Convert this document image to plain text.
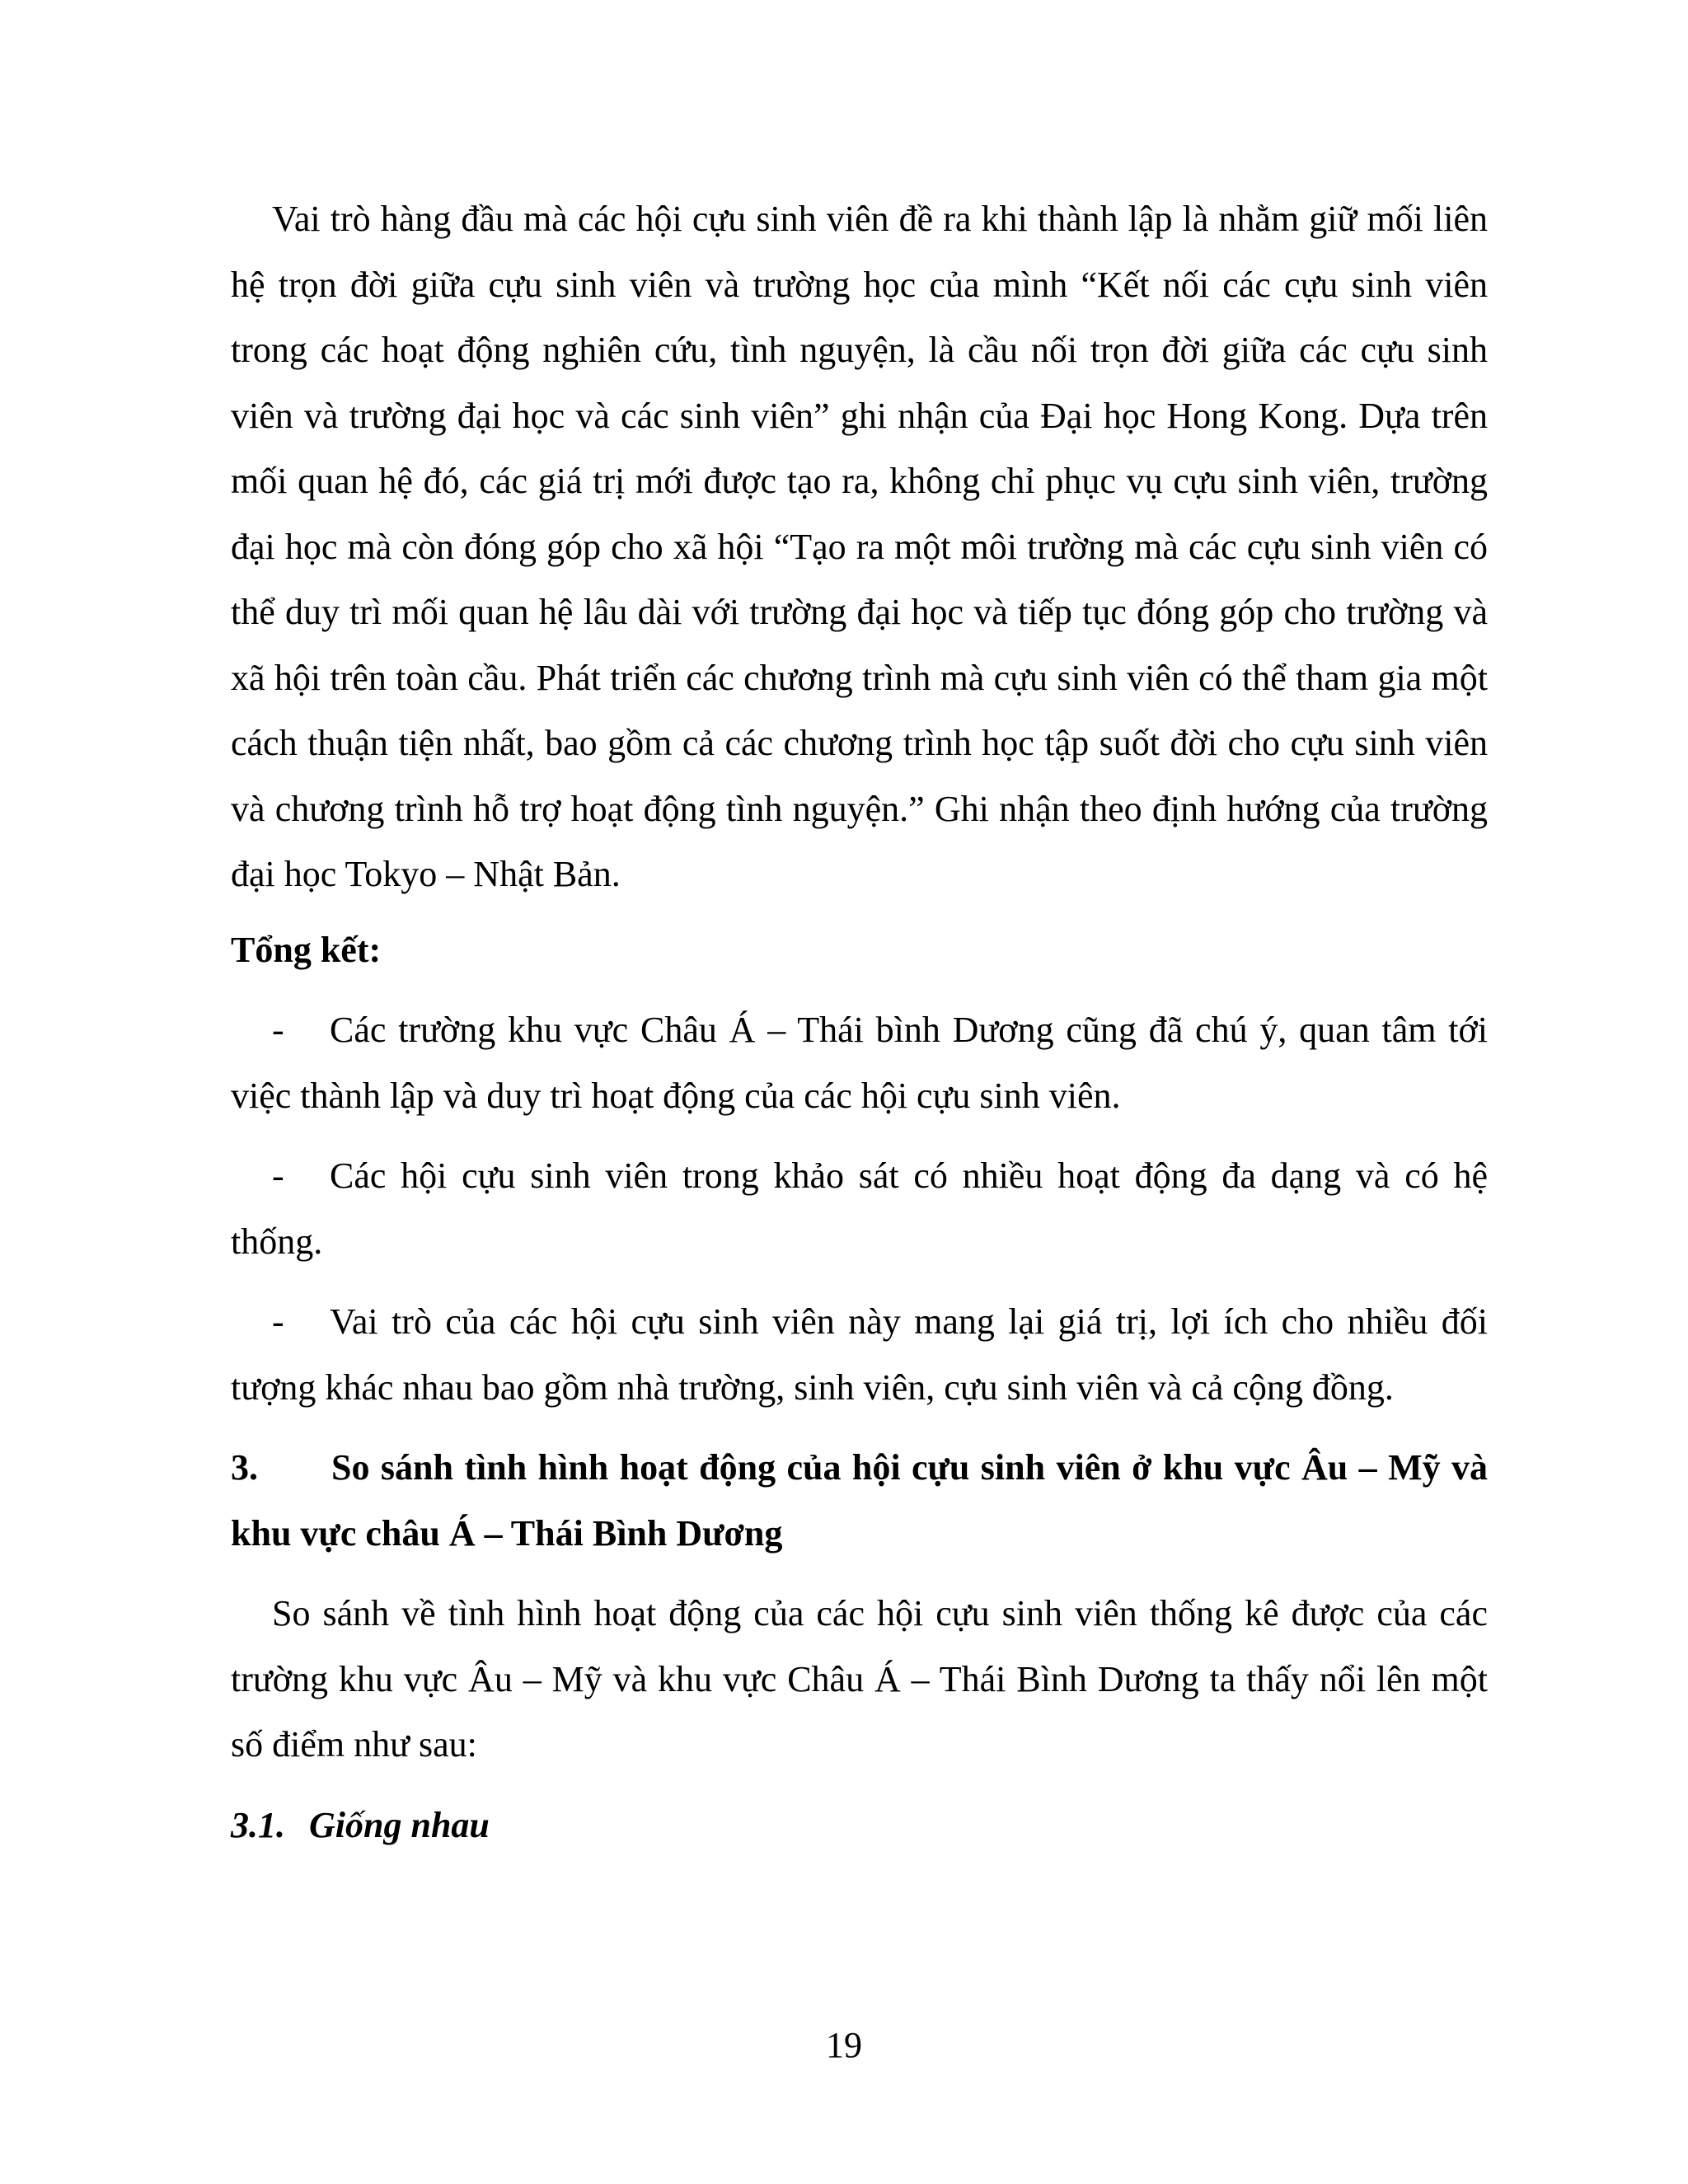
Vai trò hàng đầu mà các hội cựu sinh viên đề ra khi thành lập là nhằm giữ mối liên hệ trọn đời giữa cựu sinh viên và trường học của mình “Kết nối các cựu sinh viên trong các hoạt động nghiên cứu, tình nguyện, là cầu nối trọn đời giữa các cựu sinh viên và trường đại học và các sinh viên” ghi nhận của Đại học Hong Kong. Dựa trên mối quan hệ đó, các giá trị mới được tạo ra, không chỉ phục vụ cựu sinh viên, trường đại học mà còn đóng góp cho xã hội “Tạo ra một môi trường mà các cựu sinh viên có thể duy trì mối quan hệ lâu dài với trường đại học và tiếp tục đóng góp cho trường và xã hội trên toàn cầu. Phát triển các chương trình mà cựu sinh viên có thể tham gia một cách thuận tiện nhất, bao gồm cả các chương trình học tập suốt đời cho cựu sinh viên và chương trình hỗ trợ hoạt động tình nguyện.” Ghi nhận theo định hướng của trường đại học Tokyo – Nhật Bản.

Tổng kết:

- Các trường khu vực Châu Á – Thái bình Dương cũng đã chú ý, quan tâm tới việc thành lập và duy trì hoạt động của các hội cựu sinh viên.

- Các hội cựu sinh viên trong khảo sát có nhiều hoạt động đa dạng và có hệ thống.

- Vai trò của các hội cựu sinh viên này mang lại giá trị, lợi ích cho nhiều đối tượng khác nhau bao gồm nhà trường, sinh viên, cựu sinh viên và cả cộng đồng.

3. So sánh tình hình hoạt động của hội cựu sinh viên ở khu vực Âu – Mỹ và khu vực châu Á – Thái Bình Dương

So sánh về tình hình hoạt động của các hội cựu sinh viên thống kê được của các trường khu vực Âu – Mỹ và khu vực Châu Á – Thái Bình Dương ta thấy nổi lên một số điểm như sau:

3.1. Giống nhau

19
